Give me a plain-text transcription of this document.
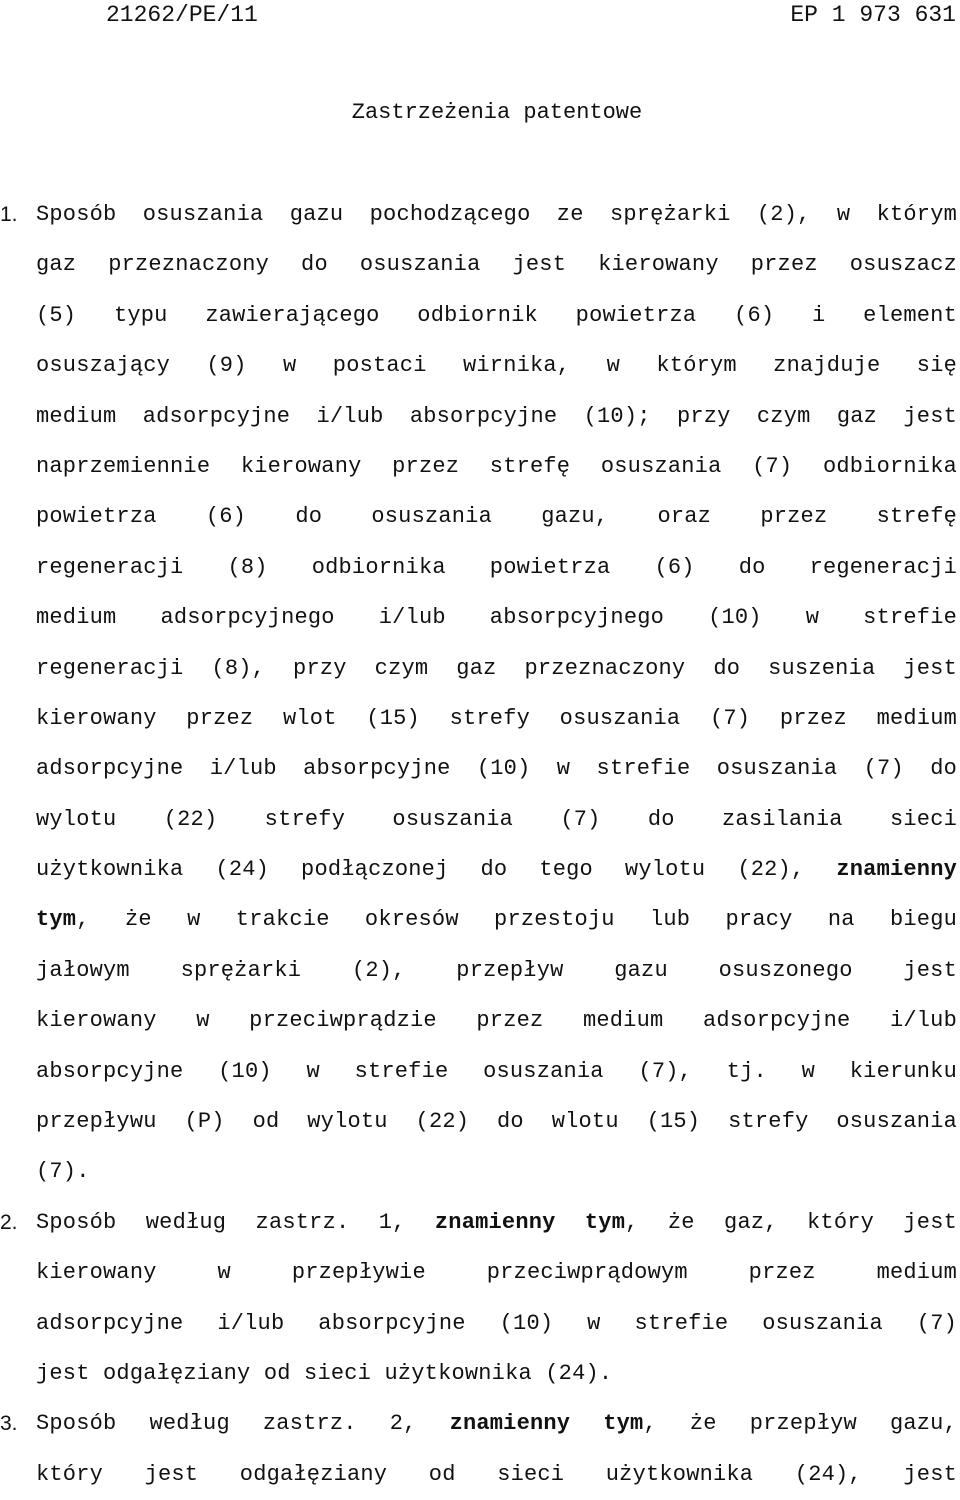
21262/PE/11	EP 1 973 631
Zastrzeżenia patentowe
1. Sposób osuszania gazu pochodzącego ze sprężarki (2), w którym
gaz przeznaczony do osuszania jest kierowany przez osuszacz
(5) typu zawierającego odbiornik powietrza (6) i element
osuszający (9) w postaci wirnika, w którym znajduje się
medium adsorpcyjne i/lub absorpcyjne (10); przy czym gaz jest
naprzemiennie kierowany przez strefę osuszania (7) odbiornika
powietrza (6) do osuszania gazu, oraz przez strefę
regeneracji (8) odbiornika powietrza (6) do regeneracji
medium adsorpcyjnego i/lub absorpcyjnego (10) w strefie
regeneracji (8), przy czym gaz przeznaczony do suszenia jest
kierowany przez wlot (15) strefy osuszania (7) przez medium
adsorpcyjne i/lub absorpcyjne (10) w strefie osuszania (7) do
wylotu (22) strefy osuszania (7) do zasilania sieci
użytkownika (24) podłączonej do tego wylotu (22), znamienny
tym, że w trakcie okresów przestoju lub pracy na biegu
jałowym sprężarki (2), przepływ gazu osuszonego jest
kierowany w przeciwprądzie przez medium adsorpcyjne i/lub
absorpcyjne (10) w strefie osuszania (7), tj. w kierunku
przepływu (P) od wylotu (22) do wlotu (15) strefy osuszania
(7).
2. Sposób według zastrz. 1, znamienny tym, że gaz, który jest
kierowany w przepływie przeciwprądowym przez medium
adsorpcyjne i/lub absorpcyjne (10) w strefie osuszania (7)
jest odgałęziany od sieci użytkownika (24).
3. Sposób według zastrz. 2, znamienny tym, że przepływ gazu,
który jest odgałęziany od sieci użytkownika (24), jest
